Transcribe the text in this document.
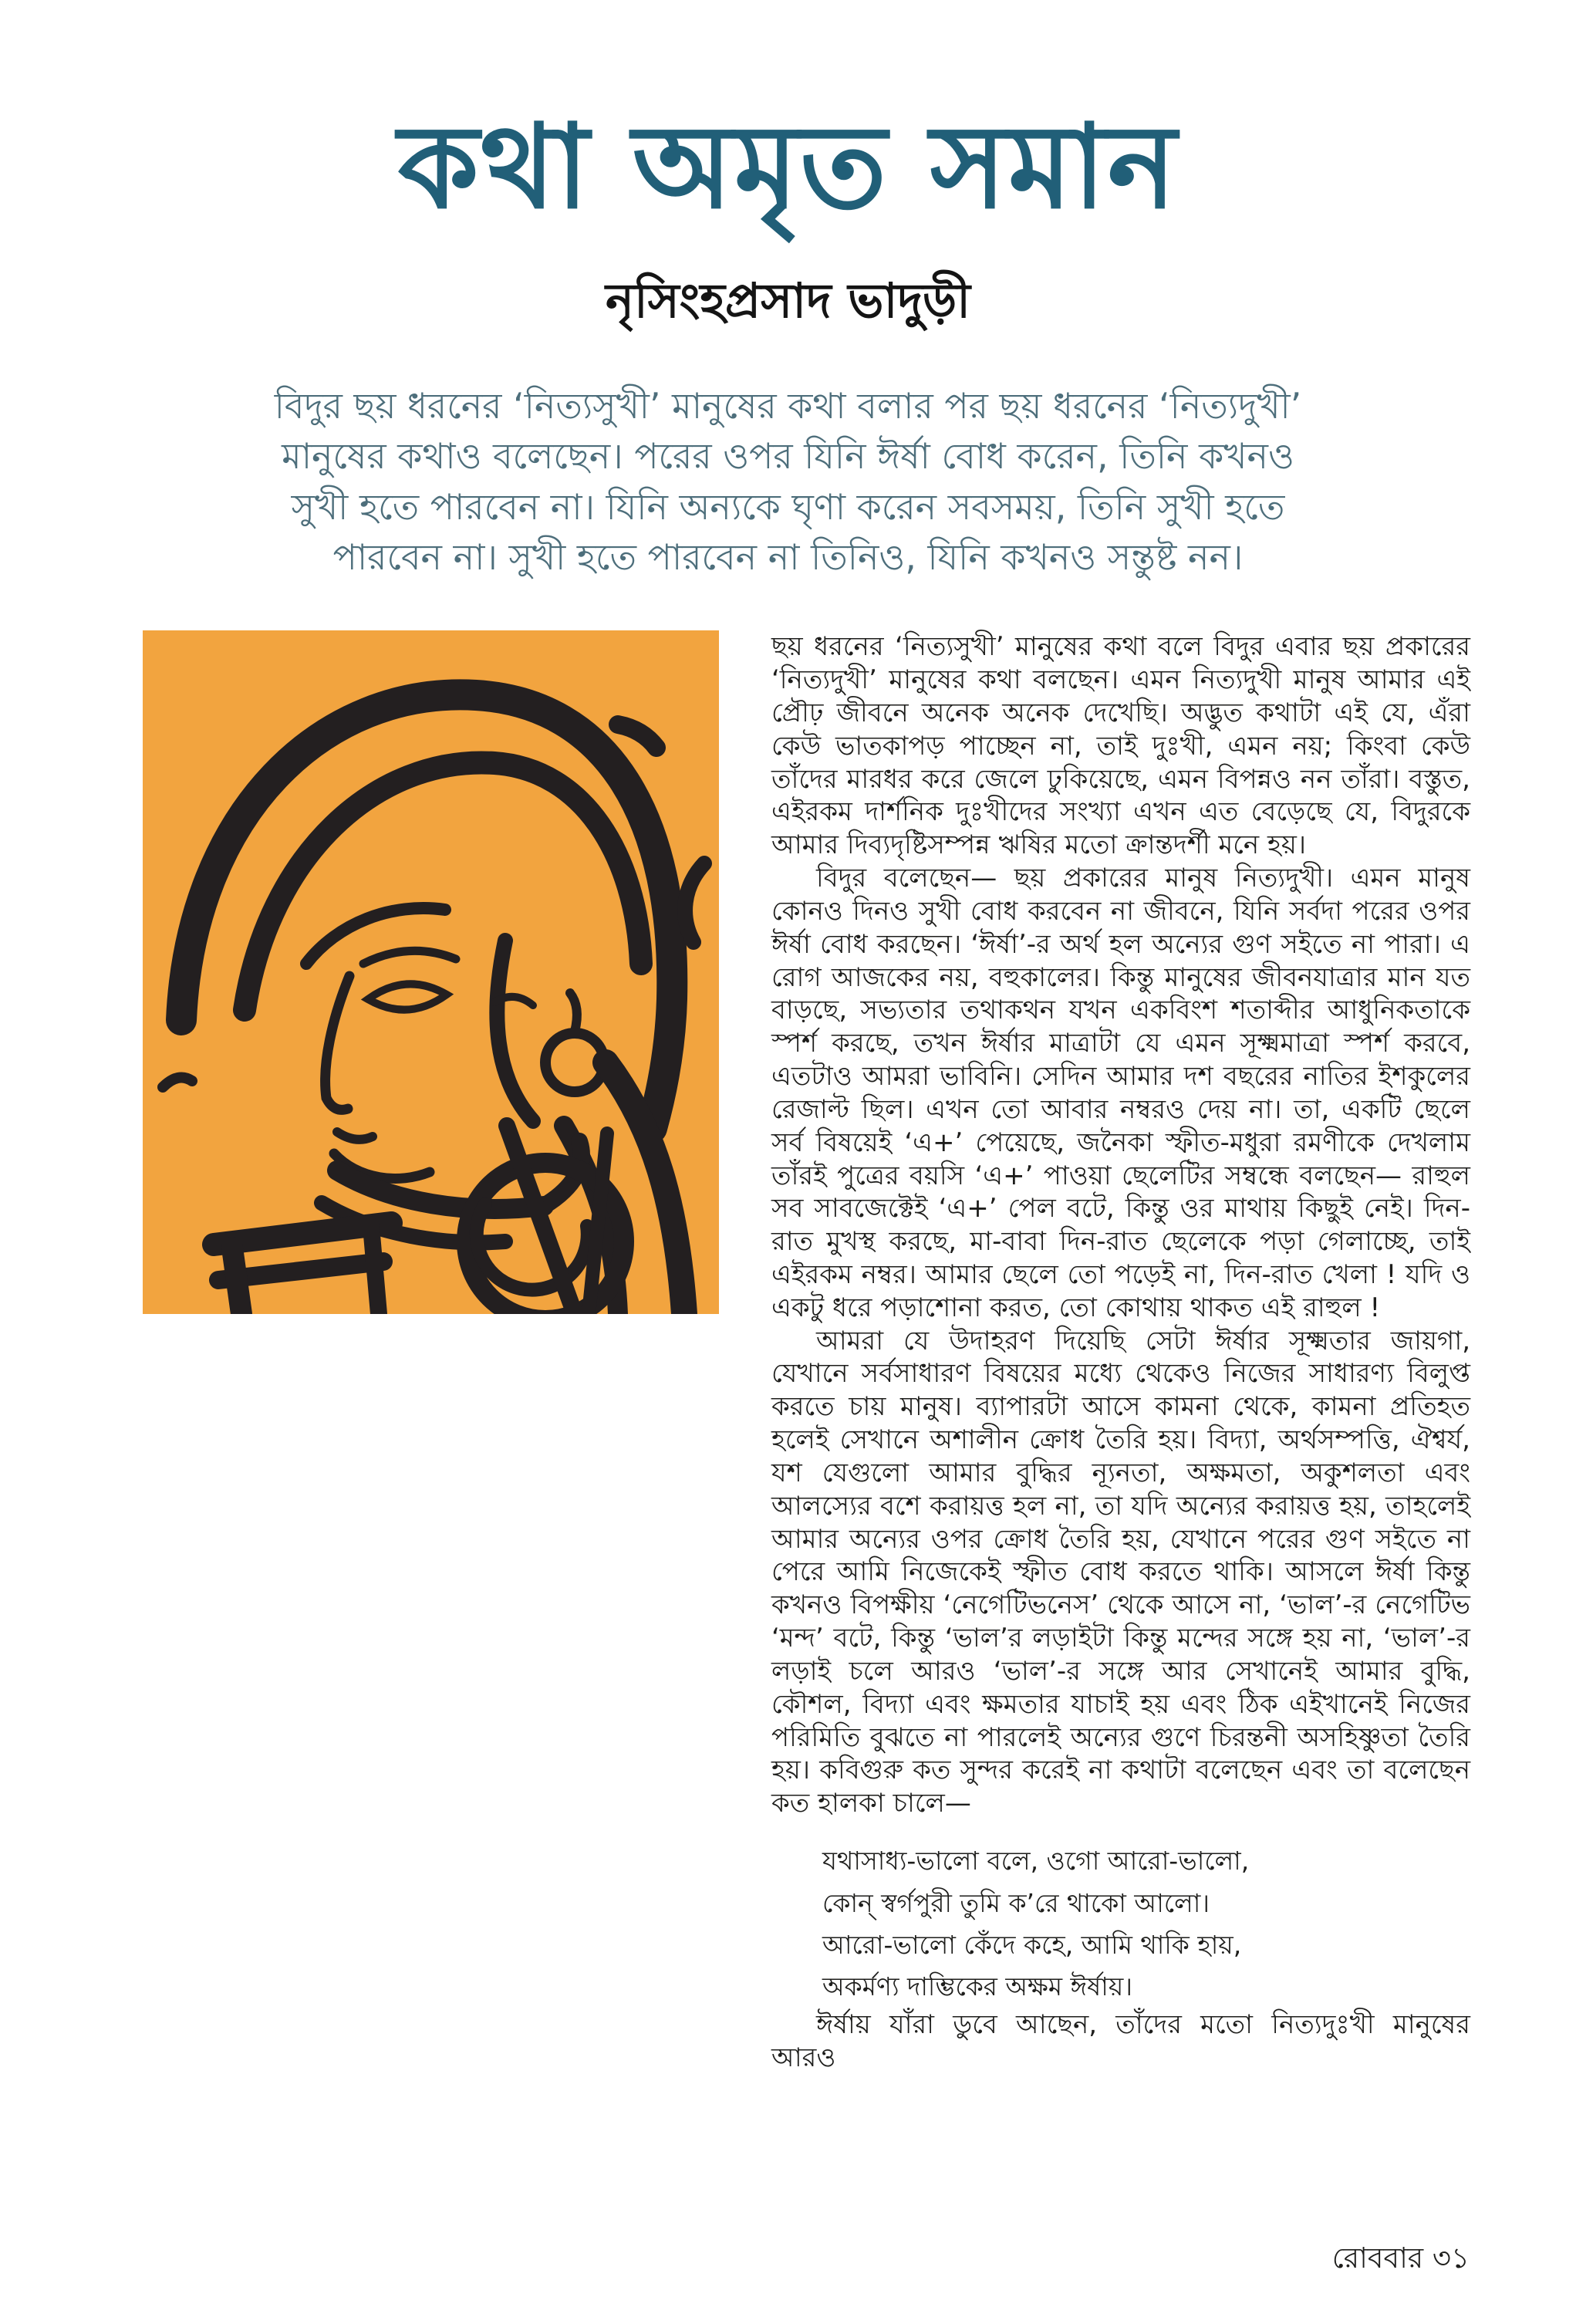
কথা অমৃত সমান
নৃসিংহপ্রসাদ ভাদুড়ী
বিদুর ছয় ধরনের ‘নিত্যসুখী’ মানুষের কথা বলার পর ছয় ধরনের ‘নিত্যদুখী’
মানুষের কথাও বলেছেন। পরের ওপর যিনি ঈর্ষা বোধ করেন, তিনি কখনও
সুখী হতে পারবেন না। যিনি অন্যকে ঘৃণা করেন সবসময়, তিনি সুখী হতে
পারবেন না। সুখী হতে পারবেন না তিনিও, যিনি কখনও সন্তুষ্ট নন।

ছয় ধরনের ‘নিত্যসুখী’ মানুষের কথা বলে বিদুর এবার ছয় প্রকারের ‘নিত্যদুখী’ মানুষের কথা বলছেন। এমন নিত্যদুখী মানুষ আমার এই প্রৌঢ় জীবনে অনেক অনেক দেখেছি। অদ্ভুত কথাটা এই যে, এঁরা কেউ ভাতকাপড় পাচ্ছেন না, তাই দুঃখী, এমন নয়; কিংবা কেউ তাঁদের মারধর করে জেলে ঢুকিয়েছে, এমন বিপন্নও নন তাঁরা। বস্তুত, এইরকম দার্শনিক দুঃখীদের সংখ্যা এখন এত বেড়েছে যে, বিদুরকে আমার দিব্যদৃষ্টিসম্পন্ন ঋষির মতো ক্রান্তদর্শী মনে হয়।

বিদুর বলেছেন— ছয় প্রকারের মানুষ নিত্যদুখী। এমন মানুষ কোনও দিনও সুখী বোধ করবেন না জীবনে, যিনি সর্বদা পরের ওপর ঈর্ষা বোধ করছেন। ‘ঈর্ষা’-র অর্থ হল অন্যের গুণ সইতে না পারা। এ রোগ আজকের নয়, বহুকালের। কিন্তু মানুষের জীবনযাত্রার মান যত বাড়ছে, সভ্যতার তথাকথন যখন একবিংশ শতাব্দীর আধুনিকতাকে স্পর্শ করছে, তখন ঈর্ষার মাত্রাটা যে এমন সূক্ষ্মমাত্রা স্পর্শ করবে, এতটাও আমরা ভাবিনি। সেদিন আমার দশ বছরের নাতির ইশকুলের রেজাল্ট ছিল। এখন তো আবার নম্বরও দেয় না। তা, একটি ছেলে সর্ব বিষয়েই ‘এ+’ পেয়েছে, জনৈকা স্ফীত-মধুরা রমণীকে দেখলাম তাঁরই পুত্রের বয়সি ‘এ+’ পাওয়া ছেলেটির সম্বন্ধে বলছেন— রাহুল সব সাবজেক্টেই ‘এ+’ পেল বটে, কিন্তু ওর মাথায় কিছুই নেই। দিন-রাত মুখস্থ করছে, মা-বাবা দিন-রাত ছেলেকে পড়া গেলাচ্ছে, তাই এইরকম নম্বর। আমার ছেলে তো পড়েই না, দিন-রাত খেলা ! যদি ও একটু ধরে পড়াশোনা করত, তো কোথায় থাকত এই রাহুল !

আমরা যে উদাহরণ দিয়েছি সেটা ঈর্ষার সূক্ষ্মতার জায়গা, যেখানে সর্বসাধারণ বিষয়ের মধ্যে থেকেও নিজের সাধারণ্য বিলুপ্ত করতে চায় মানুষ। ব্যাপারটা আসে কামনা থেকে, কামনা প্রতিহত হলেই সেখানে অশালীন ক্রোধ তৈরি হয়। বিদ্যা, অর্থসম্পত্তি, ঐশ্বর্য, যশ যেগুলো আমার বুদ্ধির ন্যূনতা, অক্ষমতা, অকুশলতা এবং আলস্যের বশে করায়ত্ত হল না, তা যদি অন্যের করায়ত্ত হয়, তাহলেই আমার অন্যের ওপর ক্রোধ তৈরি হয়, যেখানে পরের গুণ সইতে না পেরে আমি নিজেকেই স্ফীত বোধ করতে থাকি। আসলে ঈর্ষা কিন্তু কখনও বিপক্ষীয় ‘নেগেটিভনেস’ থেকে আসে না, ‘ভাল’-র নেগেটিভ ‘মন্দ’ বটে, কিন্তু ‘ভাল’র লড়াইটা কিন্তু মন্দের সঙ্গে হয় না, ‘ভাল’-র লড়াই চলে আরও ‘ভাল’-র সঙ্গে আর সেখানেই আমার বুদ্ধি, কৌশল, বিদ্যা এবং ক্ষমতার যাচাই হয় এবং ঠিক এইখানেই নিজের পরিমিতি বুঝতে না পারলেই অন্যের গুণে চিরন্তনী অসহিষ্ণুতা তৈরি হয়। কবিগুরু কত সুন্দর করেই না কথাটা বলেছেন এবং তা বলেছেন কত হালকা চালে—

যথাসাধ্য-ভালো বলে, ওগো আরো-ভালো,
কোন্ স্বর্গপুরী তুমি ক’রে থাকো আলো।
আরো-ভালো কেঁদে কহে, আমি থাকি হায়,
অকর্মণ্য দাম্ভিকের অক্ষম ঈর্ষায়।

ঈর্ষায় যাঁরা ডুবে আছেন, তাঁদের মতো নিত্যদুঃখী মানুষের আরও

রোববার ৩১
